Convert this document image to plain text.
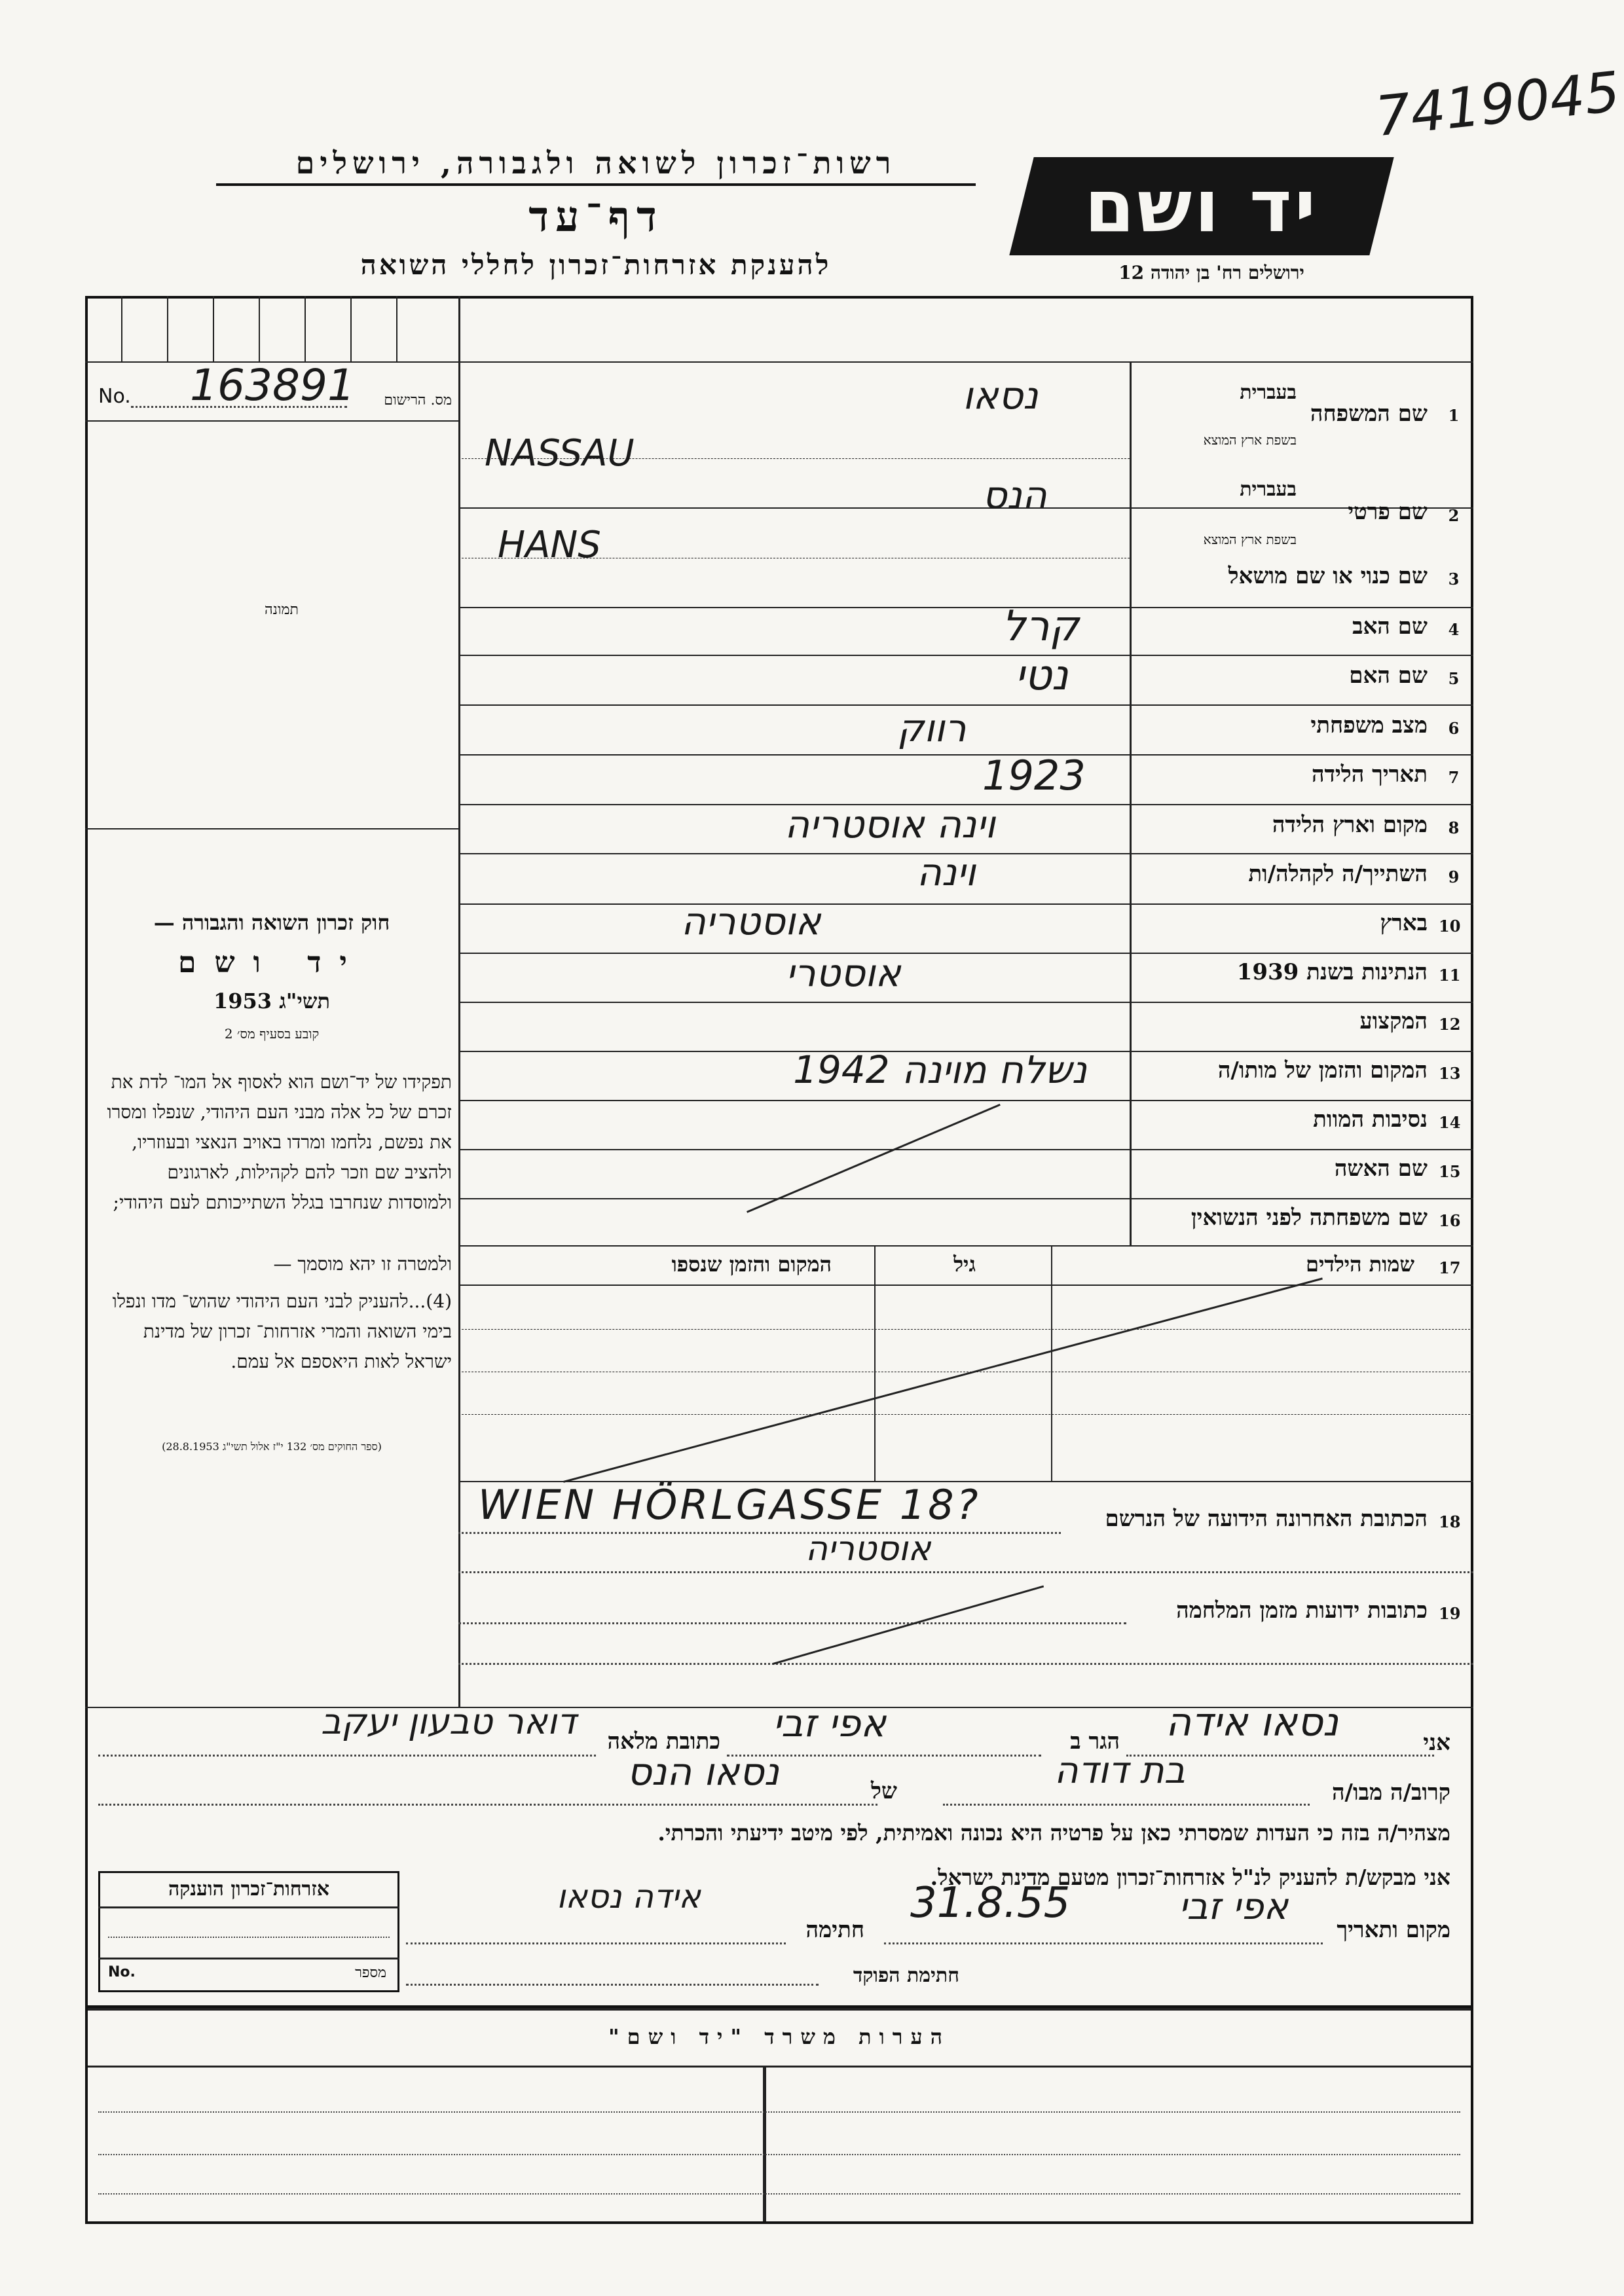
7419045
רשות־זכרון לשואה ולגבורה, ירושלים
דף־עד
להענקת אזרחות־זכרון לחללי השואה
יד ושם
ירושלים רח' בן יהודה 12
No. 163891	מס. הרישום
תמונה
חוק זכרון השואה והגבורה —
יד ושם
תשי"ג 1953
קובע בסעיף מס׳ 2
תפקידו של יד־ושם הוא לאסוף אל המו־ לדת את זכרם של כל אלה מבני העם היהודי, שנפלו ומסרו את נפשם, נלחמו ומרדו באויב הנאצי ובעוזריו, ולהציב שם וזכר להם לקהילות, לארגונים ולמוסדות שנחרבו בגלל השתייכותם לעם היהודי;
ולמטרה זו יהא מוסמך —
(4)...להעניק לבני העם היהודי שהוש־ מדו ונפלו בימי השואה והמרי אזרחות־ זכרון של מדינת ישראל לאות היאספם אל עמם.
(ספר החוקים מס׳ 132 י"ז אלול תשי"ג 28.8.1953)
1
שם המשפחה
בעברית
בשפת ארץ המוצא
נסאו
NASSAU
2
שם פרטי
בעברית
בשפת ארץ המוצא
הנס
HANS
3
שם כנוי או שם מושאל
4
שם האב
קרל
5
שם האם
נטי
6
מצב משפחתי
רווק
7
תאריך הלידה
1923
8
מקום וארץ הלידה
וינה אוסטריה
9
השתייך/ה לקהלה/ות
וינה
10
בארץ
אוסטריה
11
הנתינות בשנת 1939
אוסטרי
12
המקצוע
13
המקום והזמן של מותו/ה
נשלח מוינה 1942
14
נסיבות המוות
15
שם האשה
16
שם משפחתה לפני הנשואין
17
שמות הילדים
גיל
המקום והזמן שנספו
18
הכתובת האחרונה הידועה של הנרשם
WIEN HÖRLGASSE 18?
אוסטריה
19
כתובות ידועות מזמן המלחמה
אני
נסאו אידה
הגר ב
אפי זבי
כתובת מלאה
דואר טבעון יעקב
קרוב/ה מבו/ה
בת דודה
של
נסאו הנס
מצהיר/ה בזה כי העדות שמסרתי כאן על פרטיה היא נכונה ואמיתית, לפי מיטב ידיעתי והכרתי.
אני מבקש/ת להעניק לנ"ל אזרחות־זכרון מטעם מדינת ישראל.
אזרחות־זכרון הוענקה
No.	מספר
מקום ותאריך
אפי זבי
31.8.55
חתימה
אידה נסאו
חתימת הפוקד
הערות משרד "יד ושם"
